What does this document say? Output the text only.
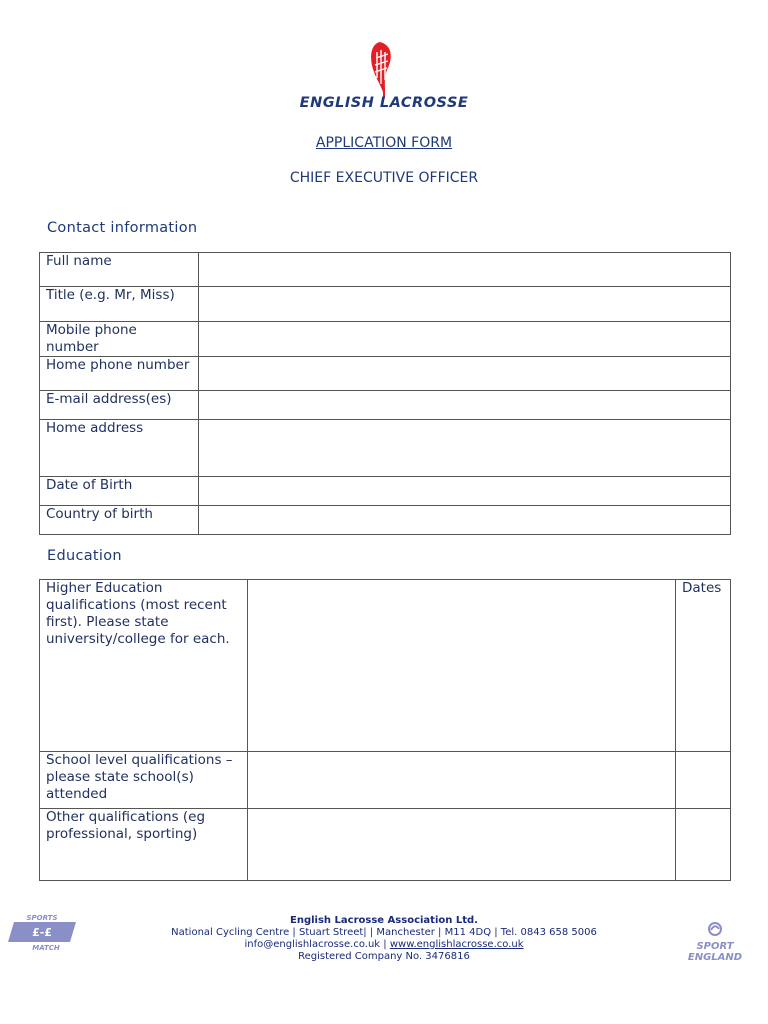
ENGLISH LACROSSE
APPLICATION FORM
CHIEF EXECUTIVE OFFICER
Contact information
Full name	
Title (e.g. Mr, Miss)	
Mobile phone number	
Home phone number	
E-mail address(es)	
Home address	
Date of Birth	
Country of birth	
Education
Higher Education qualifications (most recent first). Please state university/college for each.		Dates
School level qualifications – please state school(s) attended		
Other qualifications (eg professional, sporting)		
SPORTS
£-£
MATCH
English Lacrosse Association Ltd.
National Cycling Centre | Stuart Street| | Manchester | M11 4DQ | Tel. 0843 658 5006
info@englishlacrosse.co.uk | www.englishlacrosse.co.uk
Registered Company No. 3476816
SPORT
ENGLAND
